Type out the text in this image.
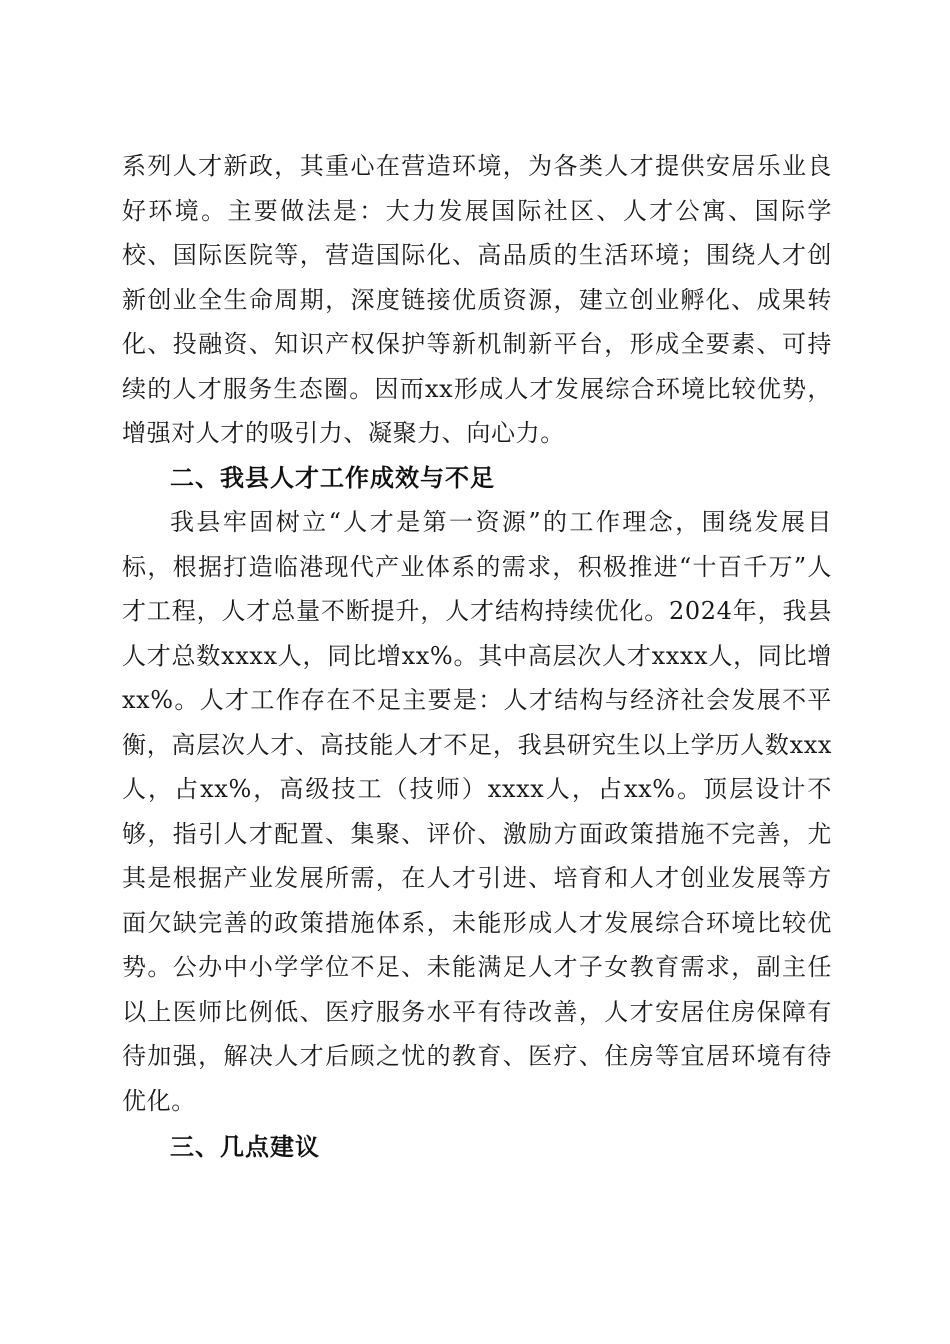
系列人才新政，其重心在营造环境，为各类人才提供安居乐业良好环境。主要做法是：大力发展国际社区、人才公寓、国际学校、国际医院等，营造国际化、高品质的生活环境；围绕人才创新创业全生命周期，深度链接优质资源，建立创业孵化、成果转化、投融资、知识产权保护等新机制新平台，形成全要素、可持续的人才服务生态圈。因而xx形成人才发展综合环境比较优势，增强对人才的吸引力、凝聚力、向心力。

二、我县人才工作成效与不足

我县牢固树立“人才是第一资源”的工作理念，围绕发展目标，根据打造临港现代产业体系的需求，积极推进“十百千万”人才工程，人才总量不断提升，人才结构持续优化。2024年，我县人才总数xxxx人，同比增xx%。其中高层次人才xxxx人，同比增xx%。人才工作存在不足主要是：人才结构与经济社会发展不平衡，高层次人才、高技能人才不足，我县研究生以上学历人数xxx人，占xx%，高级技工（技师）xxxx人，占xx%。顶层设计不够，指引人才配置、集聚、评价、激励方面政策措施不完善，尤其是根据产业发展所需，在人才引进、培育和人才创业发展等方面欠缺完善的政策措施体系，未能形成人才发展综合环境比较优势。公办中小学学位不足、未能满足人才子女教育需求，副主任以上医师比例低、医疗服务水平有待改善，人才安居住房保障有待加强，解决人才后顾之忧的教育、医疗、住房等宜居环境有待优化。

三、几点建议
